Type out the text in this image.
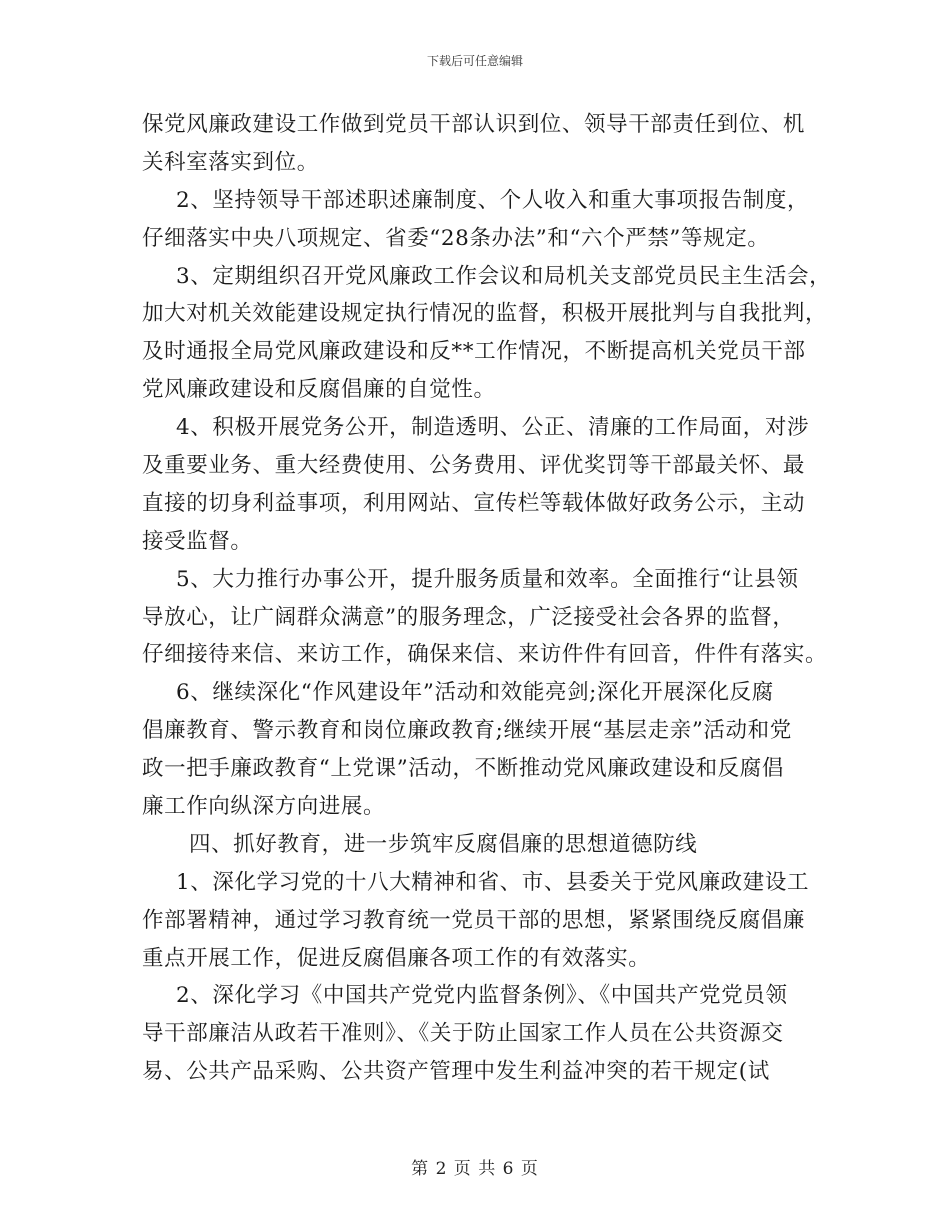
下载后可任意编辑
保党风廉政建设工作做到党员干部认识到位、领导干部责任到位、机
关科室落实到位。
2、坚持领导干部述职述廉制度、个人收入和重大事项报告制度，
仔细落实中央八项规定、省委“28条办法”和“六个严禁”等规定。
3、定期组织召开党风廉政工作会议和局机关支部党员民主生活会，
加大对机关效能建设规定执行情况的监督，积极开展批判与自我批判，
及时通报全局党风廉政建设和反**工作情况，不断提高机关党员干部
党风廉政建设和反腐倡廉的自觉性。
4、积极开展党务公开，制造透明、公正、清廉的工作局面，对涉
及重要业务、重大经费使用、公务费用、评优奖罚等干部最关怀、最
直接的切身利益事项，利用网站、宣传栏等载体做好政务公示，主动
接受监督。
5、大力推行办事公开，提升服务质量和效率。全面推行“让县领
导放心，让广阔群众满意”的服务理念，广泛接受社会各界的监督，
仔细接待来信、来访工作，确保来信、来访件件有回音，件件有落实。
6、继续深化“作风建设年”活动和效能亮剑;深化开展深化反腐
倡廉教育、警示教育和岗位廉政教育;继续开展“基层走亲”活动和党
政一把手廉政教育“上党课”活动，不断推动党风廉政建设和反腐倡
廉工作向纵深方向进展。
四、抓好教育，进一步筑牢反腐倡廉的思想道德防线
1、深化学习党的十八大精神和省、市、县委关于党风廉政建设工
作部署精神，通过学习教育统一党员干部的思想，紧紧围绕反腐倡廉
重点开展工作，促进反腐倡廉各项工作的有效落实。
2、深化学习《中国共产党党内监督条例》、《中国共产党党员领
导干部廉洁从政若干准则》、《关于防止国家工作人员在公共资源交
易、公共产品采购、公共资产管理中发生利益冲突的若干规定(试
第 2 页 共 6 页
